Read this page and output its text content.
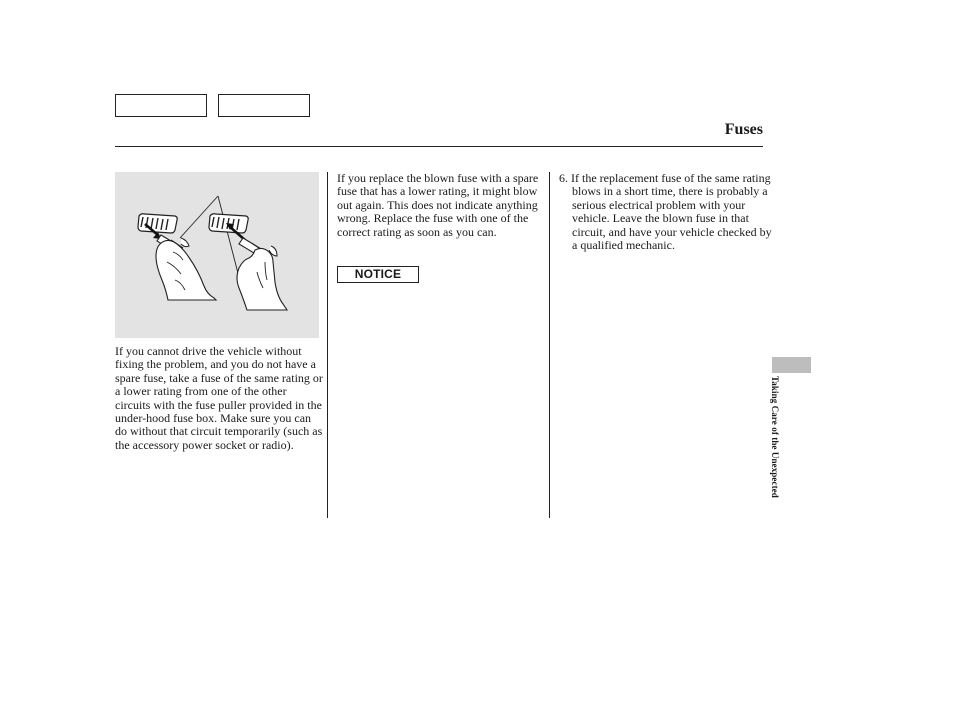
Fuses

If you cannot drive the vehicle without fixing the problem, and you do not have a spare fuse, take a fuse of the same rating or a lower rating from one of the other circuits with the fuse puller provided in the under-hood fuse box. Make sure you can do without that circuit temporarily (such as the accessory power socket or radio).

If you replace the blown fuse with a spare fuse that has a lower rating, it might blow out again. This does not indicate anything wrong. Replace the fuse with one of the correct rating as soon as you can.

NOTICE

6. If the replacement fuse of the same rating blows in a short time, there is probably a serious electrical problem with your vehicle. Leave the blown fuse in that circuit, and have your vehicle checked by a qualified mechanic.

Taking Care of the Unexpected
